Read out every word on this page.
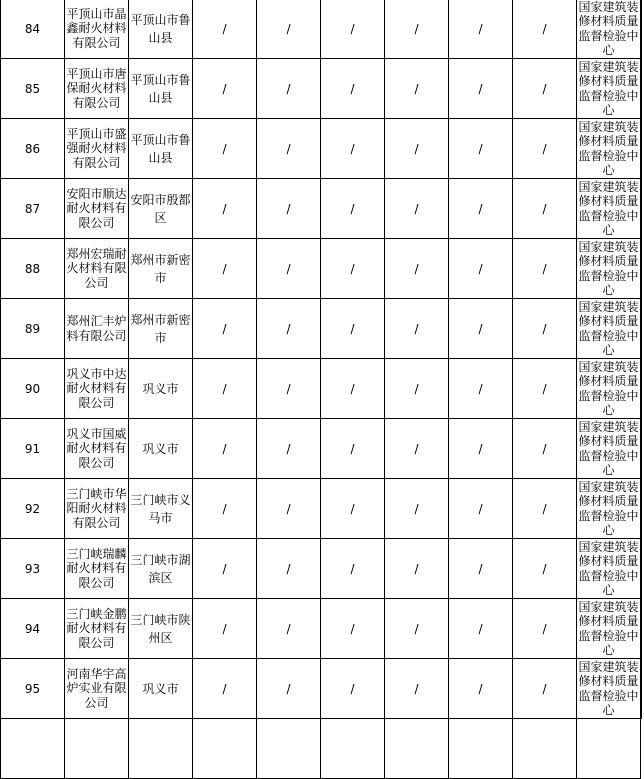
84	平顶山市晶鑫耐火材料有限公司	平顶山市鲁山县	/	/	/	/	/	/	国家建筑装修材料质量监督检验中心

85	平顶山市唐保耐火材料有限公司	平顶山市鲁山县	/	/	/	/	/	/	国家建筑装修材料质量监督检验中心

86	平顶山市盛强耐火材料有限公司	平顶山市鲁山县	/	/	/	/	/	/	国家建筑装修材料质量监督检验中心

87	安阳市顺达耐火材料有限公司	安阳市殷都区	/	/	/	/	/	/	国家建筑装修材料质量监督检验中心

88	郑州宏瑞耐火材料有限公司	郑州市新密市	/	/	/	/	/	/	国家建筑装修材料质量监督检验中心

89	郑州汇丰炉料有限公司	郑州市新密市	/	/	/	/	/	/	国家建筑装修材料质量监督检验中心

90	巩义市中达耐火材料有限公司	巩义市	/	/	/	/	/	/	国家建筑装修材料质量监督检验中心

91	巩义市国威耐火材料有限公司	巩义市	/	/	/	/	/	/	国家建筑装修材料质量监督检验中心

92	三门峡市华阳耐火材料有限公司	三门峡市义马市	/	/	/	/	/	/	国家建筑装修材料质量监督检验中心

93	三门峡瑞麟耐火材料有限公司	三门峡市湖滨区	/	/	/	/	/	/	国家建筑装修材料质量监督检验中心

94	三门峡金鹏耐火材料有限公司	三门峡市陕州区	/	/	/	/	/	/	国家建筑装修材料质量监督检验中心

95	河南华宇高炉实业有限公司	巩义市	/	/	/	/	/	/	国家建筑装修材料质量监督检验中心
